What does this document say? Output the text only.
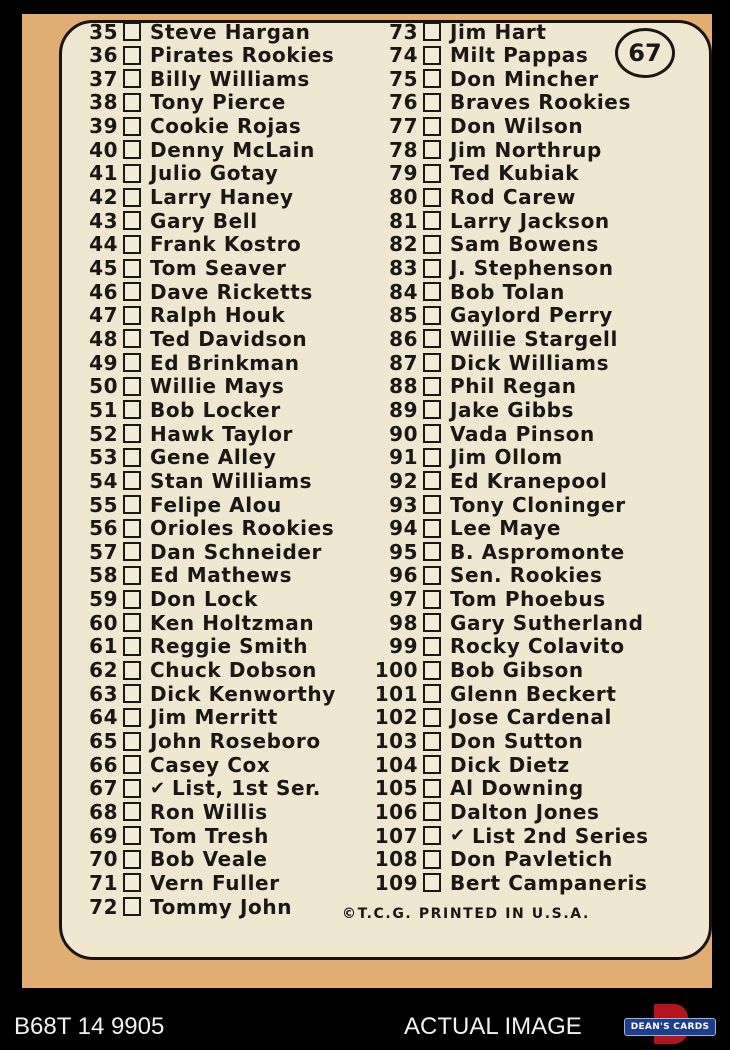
35 Steve Hargan
36 Pirates Rookies
37 Billy Williams
38 Tony Pierce
39 Cookie Rojas
40 Denny McLain
41 Julio Gotay
42 Larry Haney
43 Gary Bell
44 Frank Kostro
45 Tom Seaver
46 Dave Ricketts
47 Ralph Houk
48 Ted Davidson
49 Ed Brinkman
50 Willie Mays
51 Bob Locker
52 Hawk Taylor
53 Gene Alley
54 Stan Williams
55 Felipe Alou
56 Orioles Rookies
57 Dan Schneider
58 Ed Mathews
59 Don Lock
60 Ken Holtzman
61 Reggie Smith
62 Chuck Dobson
63 Dick Kenworthy
64 Jim Merritt
65 John Roseboro
66 Casey Cox
67 ✔ List, 1st Ser.
68 Ron Willis
69 Tom Tresh
70 Bob Veale
71 Vern Fuller
72 Tommy John
73 Jim Hart
74 Milt Pappas
75 Don Mincher
76 Braves Rookies
77 Don Wilson
78 Jim Northrup
79 Ted Kubiak
80 Rod Carew
81 Larry Jackson
82 Sam Bowens
83 J. Stephenson
84 Bob Tolan
85 Gaylord Perry
86 Willie Stargell
87 Dick Williams
88 Phil Regan
89 Jake Gibbs
90 Vada Pinson
91 Jim Ollom
92 Ed Kranepool
93 Tony Cloninger
94 Lee Maye
95 B. Aspromonte
96 Sen. Rookies
97 Tom Phoebus
98 Gary Sutherland
99 Rocky Colavito
100 Bob Gibson
101 Glenn Beckert
102 Jose Cardenal
103 Don Sutton
104 Dick Dietz
105 Al Downing
106 Dalton Jones
107 ✔ List 2nd Series
108 Don Pavletich
109 Bert Campaneris
67
©T.C.G. PRINTED IN U.S.A.
B68T 14 9905	ACTUAL IMAGE	DEAN'S CARDS
